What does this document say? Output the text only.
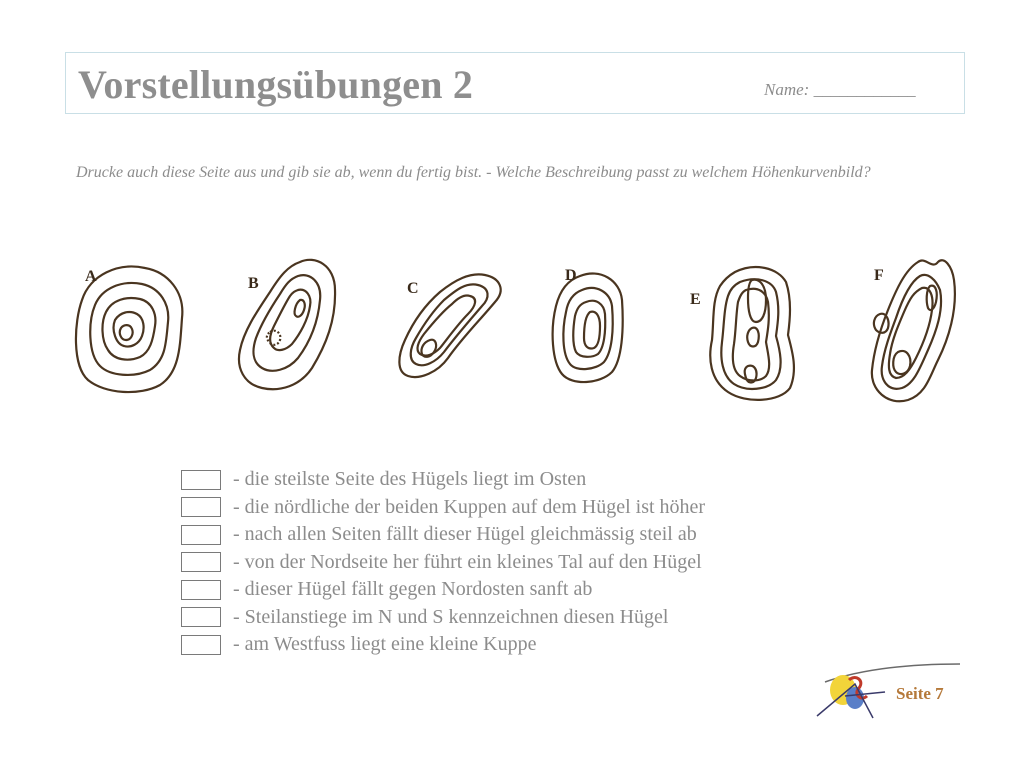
Vorstellungsübungen 2	Name: ____________
Drucke auch diese Seite aus und gib sie ab, wenn du fertig bist. - Welche Beschreibung passt zu welchem Höhenkurvenbild?
A	B	C
D
E
F
- die steilste Seite des Hügels liegt im Osten
- die nördliche der beiden Kuppen auf dem Hügel ist höher
- nach allen Seiten fällt dieser Hügel gleichmässig steil ab
- von der Nordseite her führt ein kleines Tal auf den Hügel
- dieser Hügel fällt gegen Nordosten sanft ab
- Steilanstiege im N und S kennzeichnen diesen Hügel
- am Westfuss liegt eine kleine Kuppe
Seite 7
